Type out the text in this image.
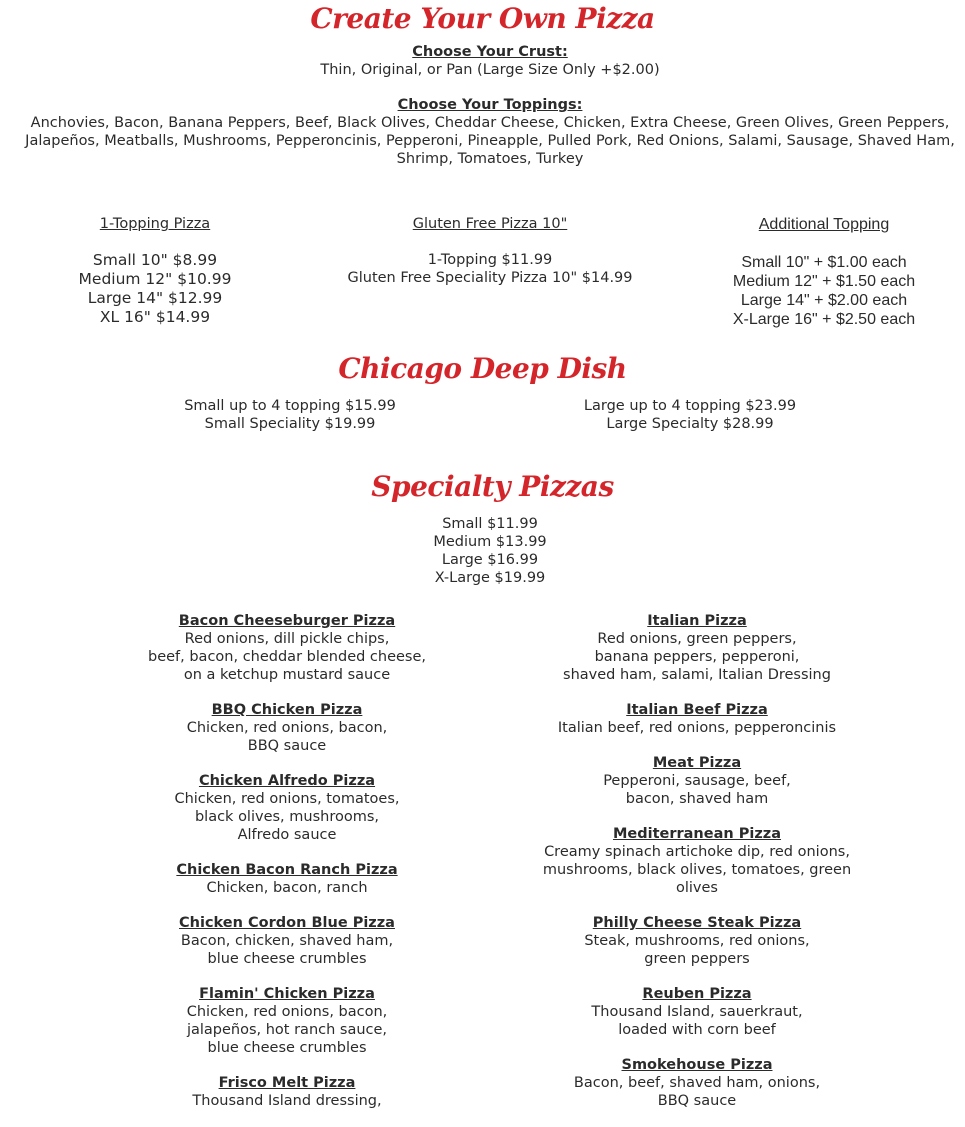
Create Your Own Pizza
Choose Your Crust:
Thin, Original, or Pan (Large Size Only +$2.00)
Choose Your Toppings:
Anchovies, Bacon, Banana Peppers, Beef, Black Olives, Cheddar Cheese, Chicken, Extra Cheese, Green Olives, Green Peppers, Jalapeños, Meatballs, Mushrooms, Pepperoncinis, Pepperoni, Pineapple, Pulled Pork, Red Onions, Salami, Sausage, Shaved Ham, Shrimp, Tomatoes, Turkey
1-Topping Pizza
Small 10" $8.99
Medium 12" $10.99
Large 14" $12.99
XL 16" $14.99
Gluten Free Pizza 10"
1-Topping $11.99
Gluten Free Speciality Pizza 10" $14.99
Additional Topping
Small 10" + $1.00 each
Medium 12" + $1.50 each
Large 14" + $2.00 each
X-Large 16" + $2.50 each
Chicago Deep Dish
Small up to 4 topping $15.99
Small Speciality $19.99
Large up to 4 topping $23.99
Large Specialty $28.99
Specialty Pizzas
Small $11.99
Medium $13.99
Large $16.99
X-Large $19.99
Bacon Cheeseburger Pizza
Red onions, dill pickle chips,
beef, bacon, cheddar blended cheese,
on a ketchup mustard sauce
BBQ Chicken Pizza
Chicken, red onions, bacon,
BBQ sauce
Chicken Alfredo Pizza
Chicken, red onions, tomatoes,
black olives, mushrooms,
Alfredo sauce
Chicken Bacon Ranch Pizza
Chicken, bacon, ranch
Chicken Cordon Blue Pizza
Bacon, chicken, shaved ham,
blue cheese crumbles
Flamin' Chicken Pizza
Chicken, red onions, bacon,
jalapeños, hot ranch sauce,
blue cheese crumbles
Frisco Melt Pizza
Thousand Island dressing,
Italian Pizza
Red onions, green peppers,
banana peppers, pepperoni,
shaved ham, salami, Italian Dressing
Italian Beef Pizza
Italian beef, red onions, pepperoncinis
Meat Pizza
Pepperoni, sausage, beef,
bacon, shaved ham
Mediterranean Pizza
Creamy spinach artichoke dip, red onions,
mushrooms, black olives, tomatoes, green
olives
Philly Cheese Steak Pizza
Steak, mushrooms, red onions,
green peppers
Reuben Pizza
Thousand Island, sauerkraut,
loaded with corn beef
Smokehouse Pizza
Bacon, beef, shaved ham, onions,
BBQ sauce
